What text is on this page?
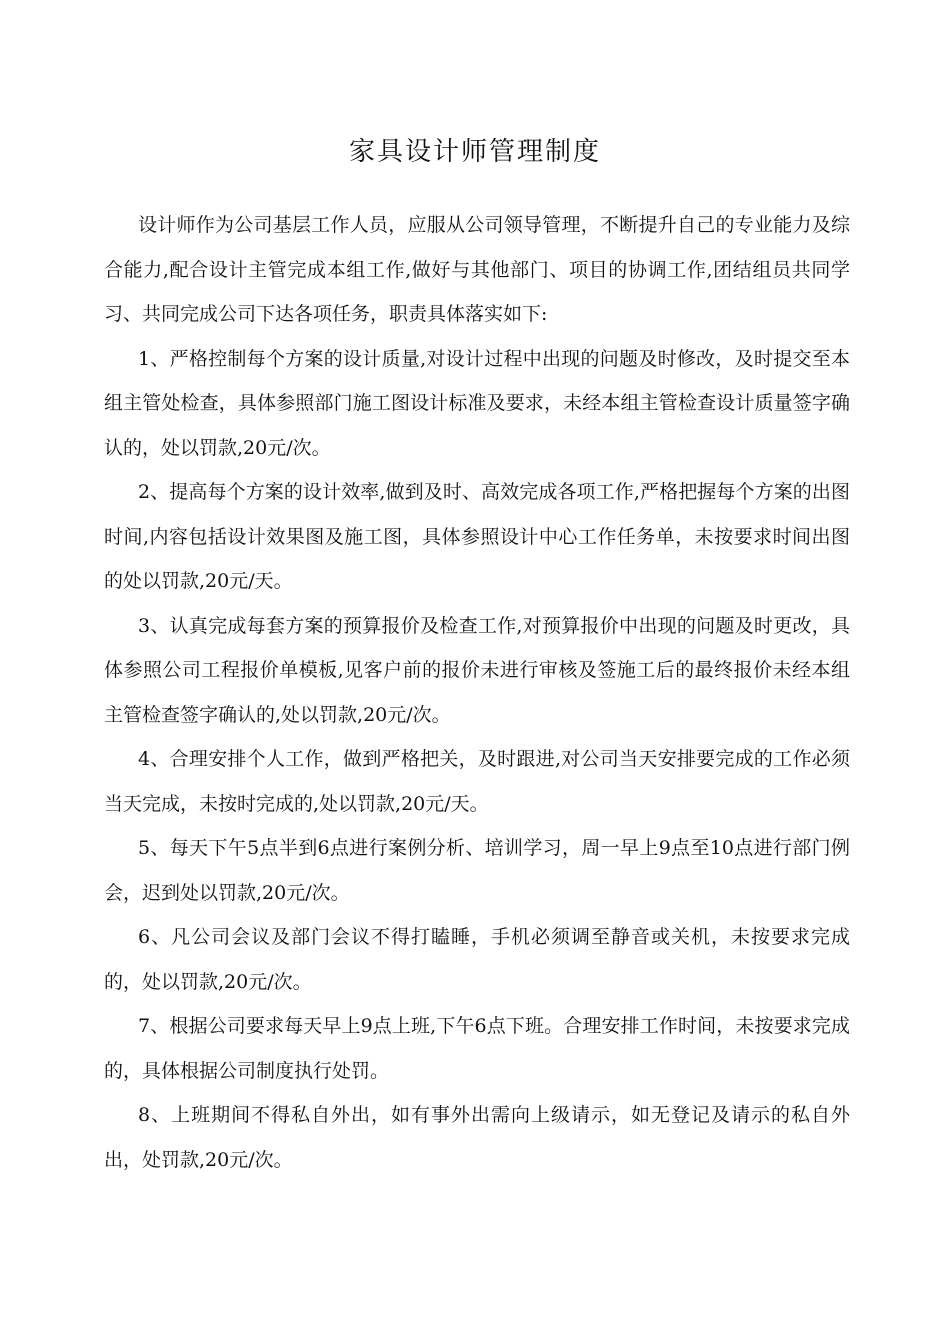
家具设计师管理制度

设计师作为公司基层工作人员，应服从公司领导管理，不断提升自己的专业能力及综合能力,配合设计主管完成本组工作,做好与其他部门、项目的协调工作,团结组员共同学习、共同完成公司下达各项任务，职责具体落实如下:

1、严格控制每个方案的设计质量,对设计过程中出现的问题及时修改，及时提交至本组主管处检查，具体参照部门施工图设计标准及要求，未经本组主管检查设计质量签字确认的，处以罚款,20元/次。

2、提高每个方案的设计效率,做到及时、高效完成各项工作,严格把握每个方案的出图时间,内容包括设计效果图及施工图，具体参照设计中心工作任务单，未按要求时间出图的处以罚款,20元/天。

3、认真完成每套方案的预算报价及检查工作,对预算报价中出现的问题及时更改，具体参照公司工程报价单模板,见客户前的报价未进行审核及签施工后的最终报价未经本组主管检查签字确认的,处以罚款,20元/次。

4、合理安排个人工作，做到严格把关，及时跟进,对公司当天安排要完成的工作必须当天完成，未按时完成的,处以罚款,20元/天。

5、每天下午5点半到6点进行案例分析、培训学习，周一早上9点至10点进行部门例会，迟到处以罚款,20元/次。

6、凡公司会议及部门会议不得打瞌睡，手机必须调至静音或关机，未按要求完成的，处以罚款,20元/次。

7、根据公司要求每天早上9点上班,下午6点下班。合理安排工作时间，未按要求完成的，具体根据公司制度执行处罚。

8、上班期间不得私自外出，如有事外出需向上级请示，如无登记及请示的私自外出，处罚款,20元/次。
